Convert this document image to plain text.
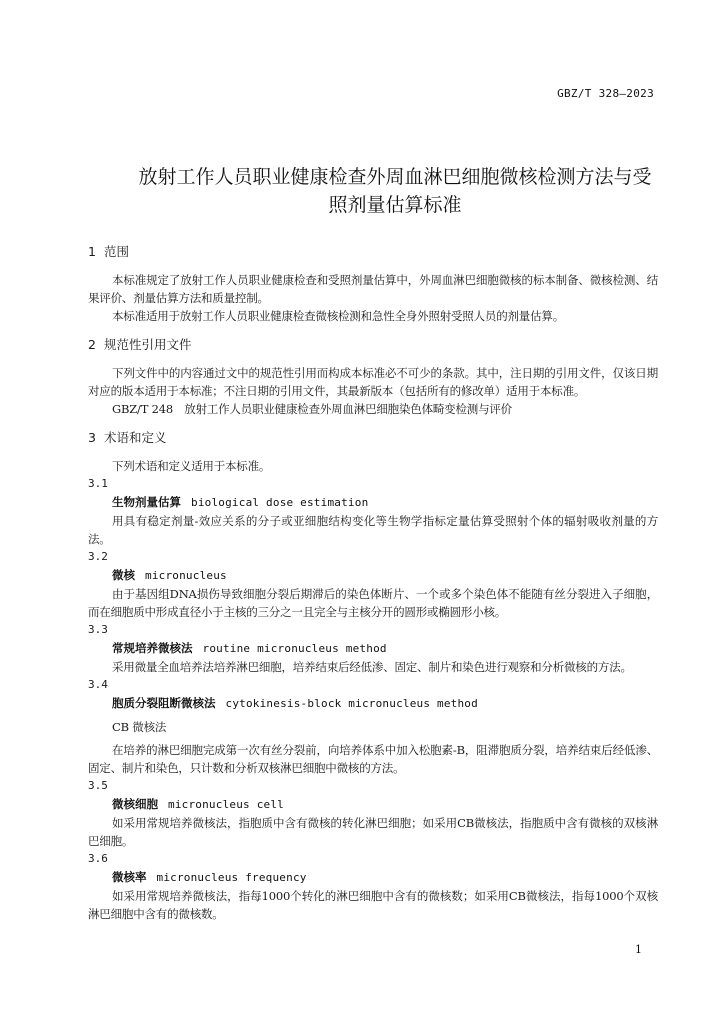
GBZ/T 328—2023
放射工作人员职业健康检查外周血淋巴细胞微核检测方法与受
照剂量估算标准
1 范围

本标准规定了放射工作人员职业健康检查和受照剂量估算中，外周血淋巴细胞微核的标本制备、微核检测、结果评价、剂量估算方法和质量控制。

本标准适用于放射工作人员职业健康检查微核检测和急性全身外照射受照人员的剂量估算。

2 规范性引用文件

下列文件中的内容通过文中的规范性引用而构成本标准必不可少的条款。其中，注日期的引用文件，仅该日期对应的版本适用于本标准；不注日期的引用文件，其最新版本（包括所有的修改单）适用于本标准。

GBZ/T 248　放射工作人员职业健康检查外周血淋巴细胞染色体畸变检测与评价

3 术语和定义

下列术语和定义适用于本标准。

3.1

生物剂量估算 biological dose estimation

用具有稳定剂量-效应关系的分子或亚细胞结构变化等生物学指标定量估算受照射个体的辐射吸收剂量的方法。

3.2

微核 micronucleus

由于基因组DNA损伤导致细胞分裂后期滞后的染色体断片、一个或多个染色体不能随有丝分裂进入子细胞，而在细胞质中形成直径小于主核的三分之一且完全与主核分开的圆形或椭圆形小核。

3.3

常规培养微核法 routine micronucleus method

采用微量全血培养法培养淋巴细胞，培养结束后经低渗、固定、制片和染色进行观察和分析微核的方法。

3.4

胞质分裂阻断微核法 cytokinesis-block micronucleus method

CB 微核法

在培养的淋巴细胞完成第一次有丝分裂前，向培养体系中加入松胞素-B，阻滞胞质分裂，培养结束后经低渗、固定、制片和染色，只计数和分析双核淋巴细胞中微核的方法。

3.5

微核细胞 micronucleus cell

如采用常规培养微核法，指胞质中含有微核的转化淋巴细胞；如采用CB微核法，指胞质中含有微核的双核淋巴细胞。

3.6

微核率 micronucleus frequency

如采用常规培养微核法，指每1000个转化的淋巴细胞中含有的微核数；如采用CB微核法，指每1000个双核淋巴细胞中含有的微核数。

1
